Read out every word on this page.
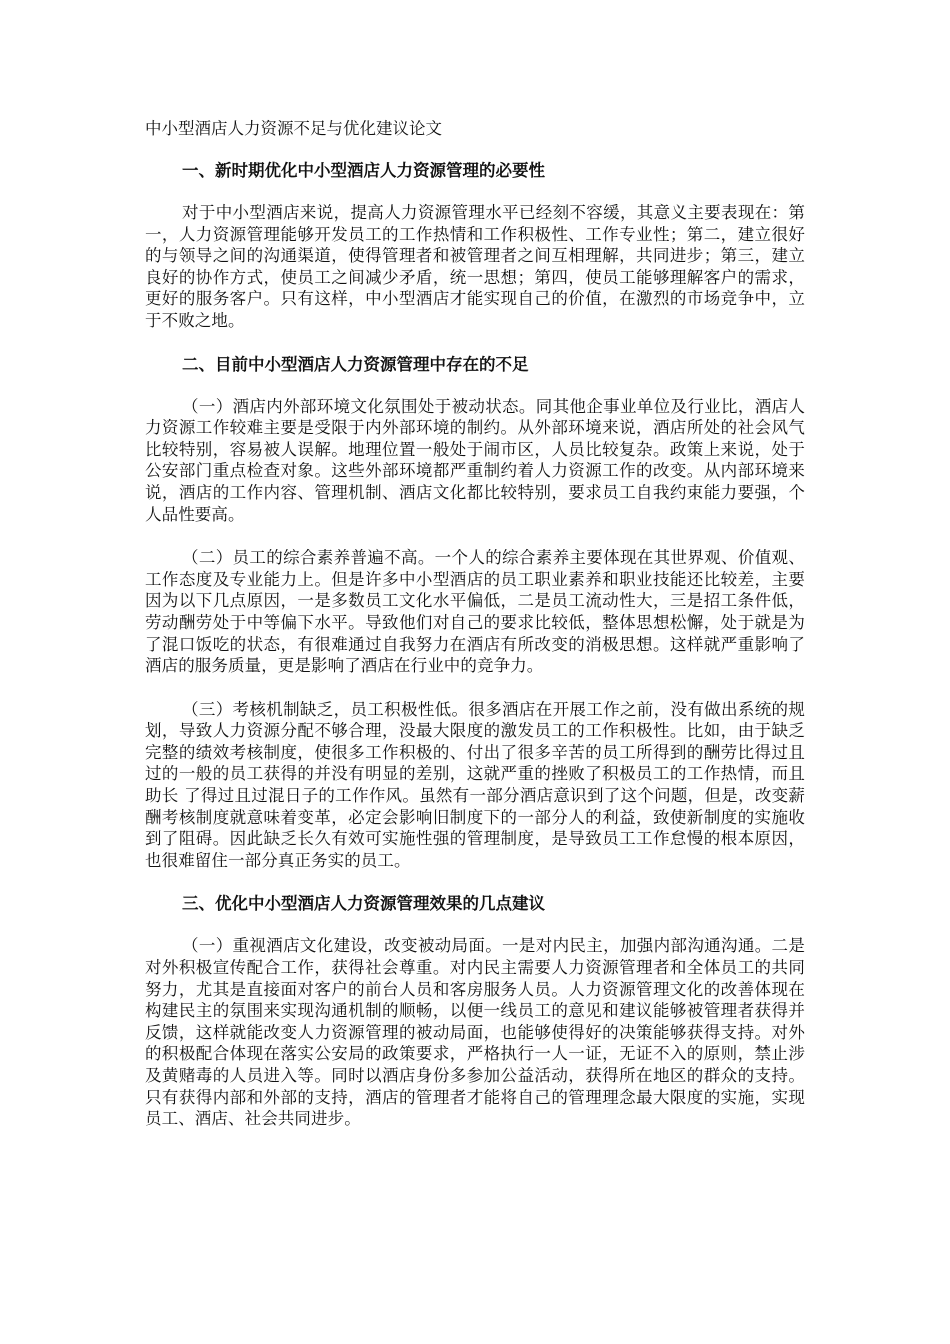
中小型酒店人力资源不足与优化建议论文
一、新时期优化中小型酒店人力资源管理的必要性

对于中小型酒店来说，提高人力资源管理水平已经刻不容缓，其意义主要表现在：第一，人力资源管理能够开发员工的工作热情和工作积极性、工作专业性；第二，建立很好的与领导之间的沟通渠道，使得管理者和被管理者之间互相理解，共同进步；第三，建立良好的协作方式，使员工之间减少矛盾，统一思想；第四，使员工能够理解客户的需求，更好的服务客户。只有这样，中小型酒店才能实现自己的价值，在激烈的市场竞争中，立于不败之地。

二、目前中小型酒店人力资源管理中存在的不足

（一）酒店内外部环境文化氛围处于被动状态。同其他企事业单位及行业比，酒店人力资源工作较难主要是受限于内外部环境的制约。从外部环境来说，酒店所处的社会风气比较特别，容易被人误解。地理位置一般处于闹市区，人员比较复杂。政策上来说，处于公安部门重点检查对象。这些外部环境都严重制约着人力资源工作的改变。从内部环境来说，酒店的工作内容、管理机制、酒店文化都比较特别，要求员工自我约束能力要强，个人品性要高。

（二）员工的综合素养普遍不高。一个人的综合素养主要体现在其世界观、价值观、工作态度及专业能力上。但是许多中小型酒店的员工职业素养和职业技能还比较差，主要因为以下几点原因，一是多数员工文化水平偏低，二是员工流动性大，三是招工条件低，劳动酬劳处于中等偏下水平。导致他们对自己的要求比较低，整体思想松懈，处于就是为了混口饭吃的状态，有很难通过自我努力在酒店有所改变的消极思想。这样就严重影响了酒店的服务质量，更是影响了酒店在行业中的竞争力。

（三）考核机制缺乏，员工积极性低。很多酒店在开展工作之前，没有做出系统的规划，导致人力资源分配不够合理，没最大限度的激发员工的工作积极性。比如，由于缺乏完整的绩效考核制度，使很多工作积极的、付出了很多辛苦的员工所得到的酬劳比得过且过的一般的员工获得的并没有明显的差别，这就严重的挫败了积极员工的工作热情，而且助长 了得过且过混日子的工作作风。虽然有一部分酒店意识到了这个问题，但是，改变薪酬考核制度就意味着变革，必定会影响旧制度下的一部分人的利益，致使新制度的实施收到了阻碍。因此缺乏长久有效可实施性强的管理制度，是导致员工工作怠慢的根本原因，也很难留住一部分真正务实的员工。

三、优化中小型酒店人力资源管理效果的几点建议

（一）重视酒店文化建设，改变被动局面。一是对内民主，加强内部沟通沟通。二是对外积极宣传配合工作，获得社会尊重。对内民主需要人力资源管理者和全体员工的共同努力，尤其是直接面对客户的前台人员和客房服务人员。人力资源管理文化的改善体现在构建民主的氛围来实现沟通机制的顺畅，以便一线员工的意见和建议能够被管理者获得并反馈，这样就能改变人力资源管理的被动局面，也能够使得好的决策能够获得支持。对外的积极配合体现在落实公安局的政策要求，严格执行一人一证，无证不入的原则，禁止涉及黄赌毒的人员进入等。同时以酒店身份多参加公益活动，获得所在地区的群众的支持。只有获得内部和外部的支持，酒店的管理者才能将自己的管理理念最大限度的实施，实现员工、酒店、社会共同进步。
